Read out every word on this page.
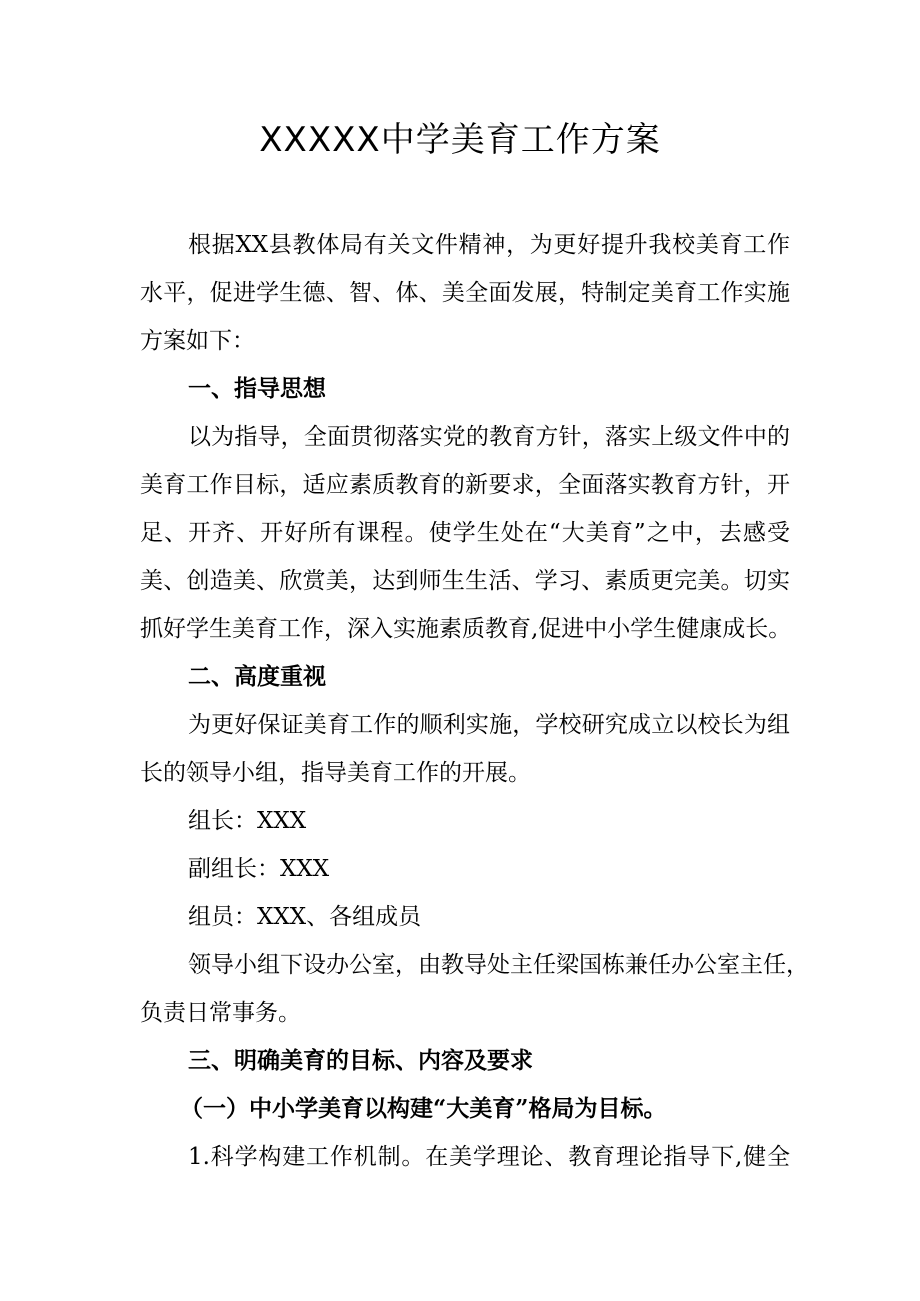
XXXXX中学美育工作方案
根据XX县教体局有关文件精神，为更好提升我校美育工作
水平，促进学生德、智、体、美全面发展，特制定美育工作实施
方案如下：
一、指导思想
以为指导，全面贯彻落实党的教育方针，落实上级文件中的
美育工作目标，适应素质教育的新要求，全面落实教育方针，开
足、开齐、开好所有课程。使学生处在“大美育”之中，去感受
美、创造美、欣赏美，达到师生生活、学习、素质更完美。切实
抓好学生美育工作，深入实施素质教育,促进中小学生健康成长。
二、高度重视
为更好保证美育工作的顺利实施，学校研究成立以校长为组
长的领导小组，指导美育工作的开展。
组长：XXX
副组长：XXX
组员：XXX、各组成员
领导小组下设办公室，由教导处主任梁国栋兼任办公室主任，
负责日常事务。
三、明确美育的目标、内容及要求
（一）中小学美育以构建“大美育”格局为目标。
1.科学构建工作机制。在美学理论、教育理论指导下,健全
